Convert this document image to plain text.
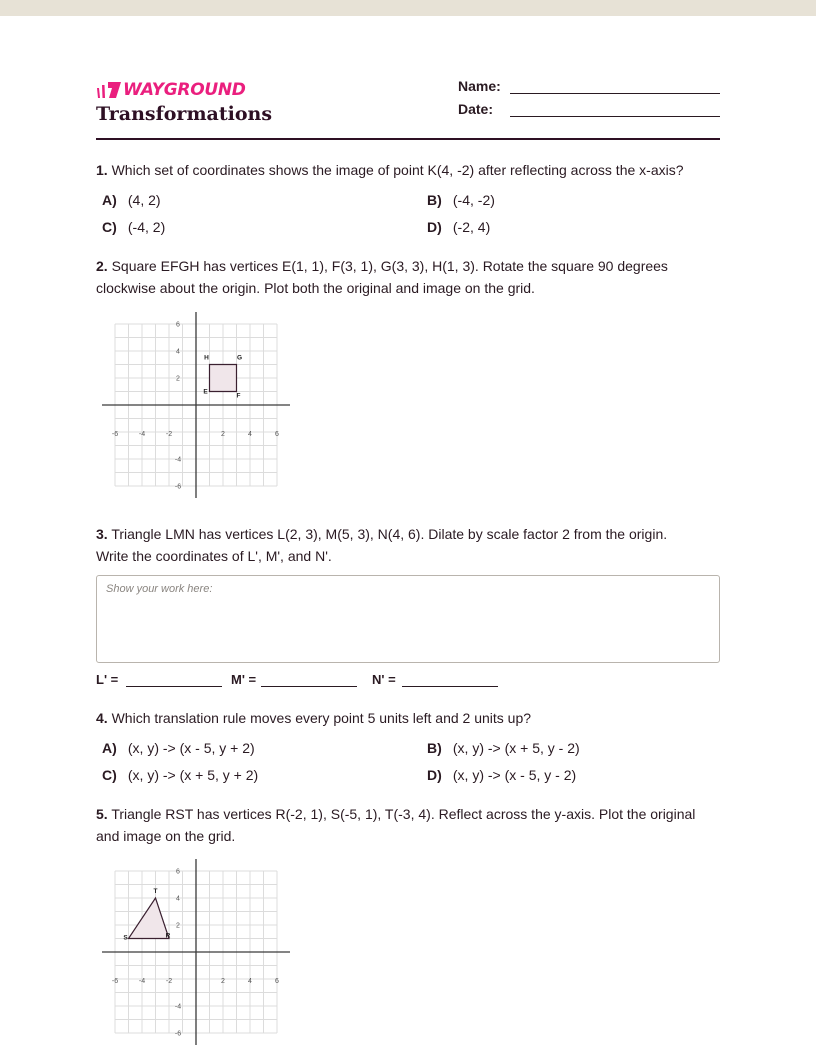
WAYGROUND
Transformations
Name:
Date:
1. Which set of coordinates shows the image of point K(4, -2) after reflecting across the x-axis?
A) (4, 2)	B) (-4, -2)
C) (-4, 2)	D) (-2, 4)
2. Square EFGH has vertices E(1, 1), F(3, 1), G(3, 3), H(1, 3). Rotate the square 90 degrees
clockwise about the origin. Plot both the original and image on the grid.
-6	-4	-2	2	4	6
6
4
2
-4
-6
E
F
G
H
3. Triangle LMN has vertices L(2, 3), M(5, 3), N(4, 6). Dilate by scale factor 2 from the origin.
Write the coordinates of L', M', and N'.
Show your work here:
L' =	M' =	N' =
4. Which translation rule moves every point 5 units left and 2 units up?
A) (x, y) -> (x - 5, y + 2)	B) (x, y) -> (x + 5, y - 2)
C) (x, y) -> (x + 5, y + 2)	D) (x, y) -> (x - 5, y - 2)
5. Triangle RST has vertices R(-2, 1), S(-5, 1), T(-3, 4). Reflect across the y-axis. Plot the original
and image on the grid.
-6	-4	-2	2	4	6
6
4
2
-4
-6
R
S
T
